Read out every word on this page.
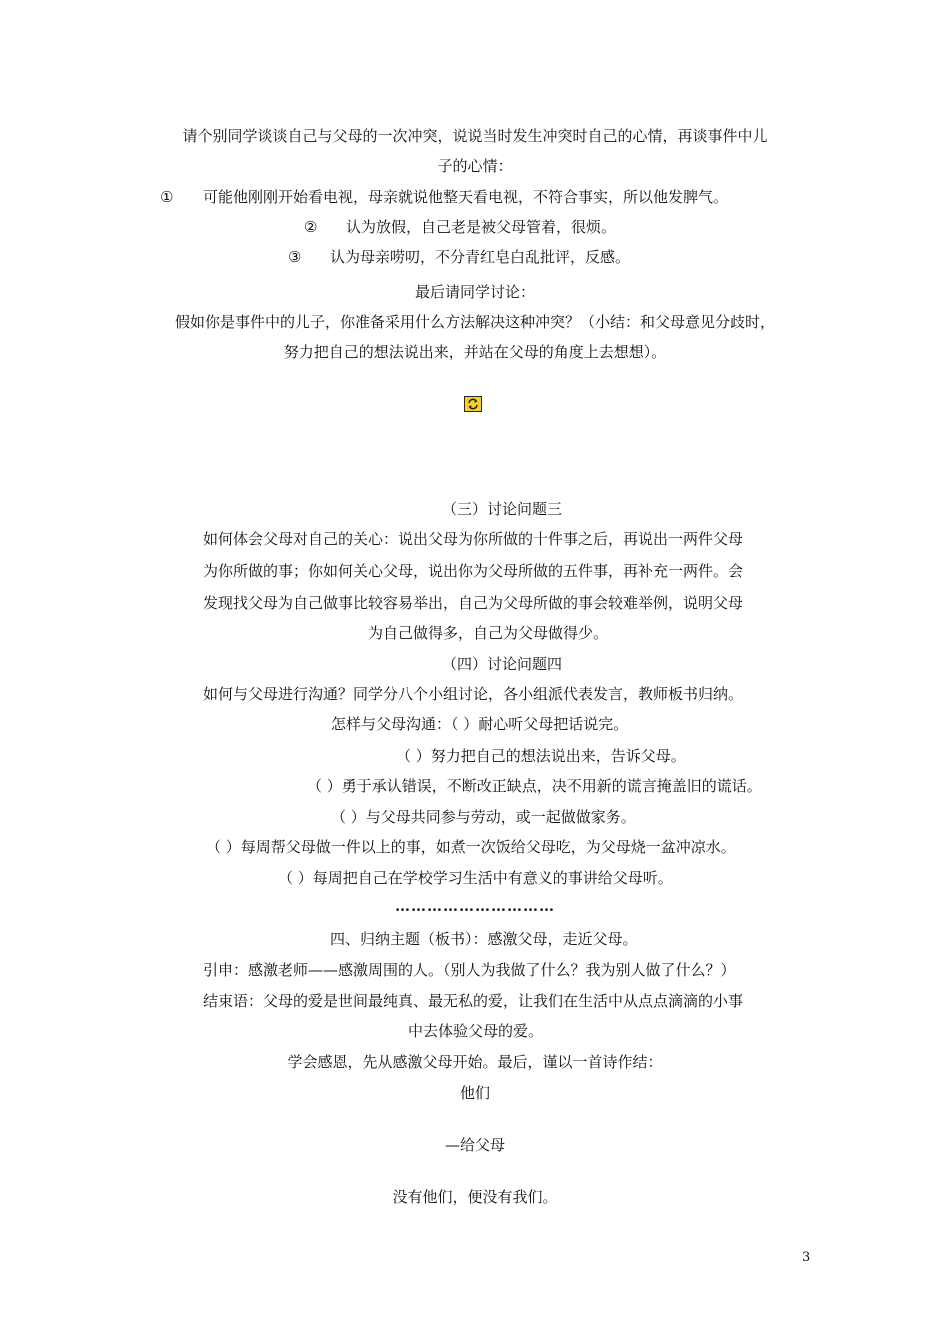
请个别同学谈谈自己与父母的一次冲突，说说当时发生冲突时自己的心情，再谈事件中儿

子的心情：

① 可能他刚刚开始看电视，母亲就说他整天看电视，不符合事实，所以他发脾气。
② 认为放假，自己老是被父母管着，很烦。
③ 认为母亲唠叨，不分青红皂白乱批评，反感。

最后请同学讨论：

假如你是事件中的儿子，你准备采用什么方法解决这种冲突？（小结：和父母意见分歧时，

努力把自己的想法说出来，并站在父母的角度上去想想）。

（三）讨论问题三

如何体会父母对自己的关心：说出父母为你所做的十件事之后，再说出一两件父母

为你所做的事；你如何关心父母，说出你为父母所做的五件事，再补充一两件。会

发现找父母为自己做事比较容易举出，自己为父母所做的事会较难举例，说明父母

为自己做得多，自己为父母做得少。

（四）讨论问题四

如何与父母进行沟通？同学分八个小组讨论，各小组派代表发言，教师板书归纳。

怎样与父母沟通：（ ）耐心听父母把话说完。

（ ）努力把自己的想法说出来，告诉父母。

（ ）勇于承认错误，不断改正缺点，决不用新的谎言掩盖旧的谎话。

（ ）与父母共同参与劳动，或一起做做家务。

（ ）每周帮父母做一件以上的事，如煮一次饭给父母吃，为父母烧一盆冲凉水。

（ ）每周把自己在学校学习生活中有意义的事讲给父母听。

…………………………

四、归纳主题（板书）：感激父母，走近父母。

引申：感激老师——感激周围的人。（别人为我做了什么？我为别人做了什么？）

结束语：父母的爱是世间最纯真、最无私的爱，让我们在生活中从点点滴滴的小事

中去体验父母的爱。

学会感恩，先从感激父母开始。最后，谨以一首诗作结：

他们

—给父母

没有他们，便没有我们。

3
